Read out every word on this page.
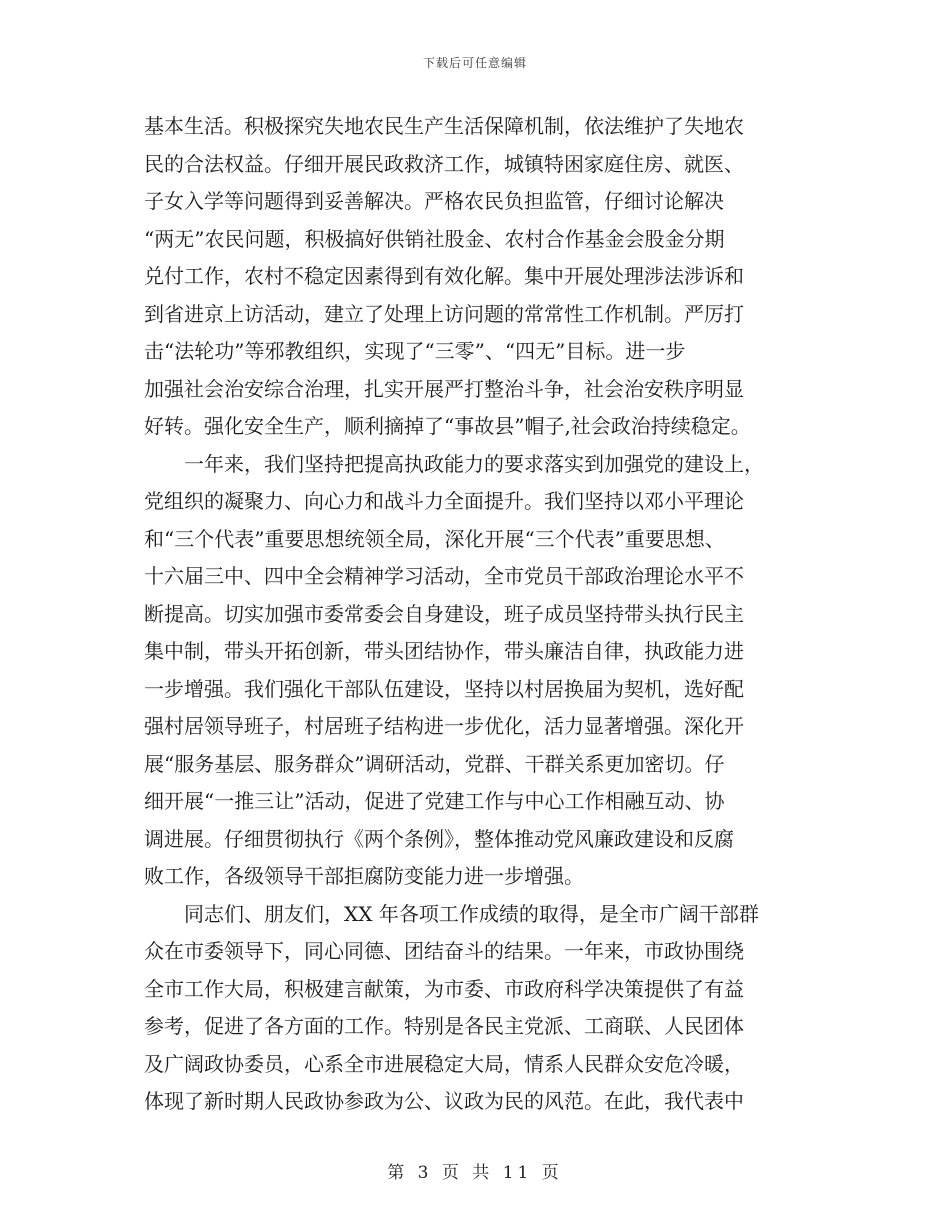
下载后可任意编辑
基本生活。积极探究失地农民生产生活保障机制，依法维护了失地农
民的合法权益。仔细开展民政救济工作，城镇特困家庭住房、就医、
子女入学等问题得到妥善解决。严格农民负担监管，仔细讨论解决
“两无”农民问题，积极搞好供销社股金、农村合作基金会股金分期
兑付工作，农村不稳定因素得到有效化解。集中开展处理涉法涉诉和
到省进京上访活动，建立了处理上访问题的常常性工作机制。严厉打
击“法轮功”等邪教组织，实现了“三零”、“四无”目标。进一步
加强社会治安综合治理，扎实开展严打整治斗争，社会治安秩序明显
好转。强化安全生产，顺利摘掉了“事故县”帽子,社会政治持续稳定。
一年来，我们坚持把提高执政能力的要求落实到加强党的建设上，
党组织的凝聚力、向心力和战斗力全面提升。我们坚持以邓小平理论
和“三个代表”重要思想统领全局，深化开展“三个代表”重要思想、
十六届三中、四中全会精神学习活动，全市党员干部政治理论水平不
断提高。切实加强市委常委会自身建设，班子成员坚持带头执行民主
集中制，带头开拓创新，带头团结协作，带头廉洁自律，执政能力进
一步增强。我们强化干部队伍建设，坚持以村居换届为契机，选好配
强村居领导班子，村居班子结构进一步优化，活力显著增强。深化开
展“服务基层、服务群众”调研活动，党群、干群关系更加密切。仔
细开展“一推三让”活动，促进了党建工作与中心工作相融互动、协
调进展。仔细贯彻执行《两个条例》，整体推动党风廉政建设和反腐
败工作，各级领导干部拒腐防变能力进一步增强。
同志们、朋友们，XX 年各项工作成绩的取得，是全市广阔干部群
众在市委领导下，同心同德、团结奋斗的结果。一年来，市政协围绕
全市工作大局，积极建言献策，为市委、市政府科学决策提供了有益
参考，促进了各方面的工作。特别是各民主党派、工商联、人民团体
及广阔政协委员，心系全市进展稳定大局，情系人民群众安危冷暖，
体现了新时期人民政协参政为公、议政为民的风范。在此，我代表中
第 3 页 共 11 页
